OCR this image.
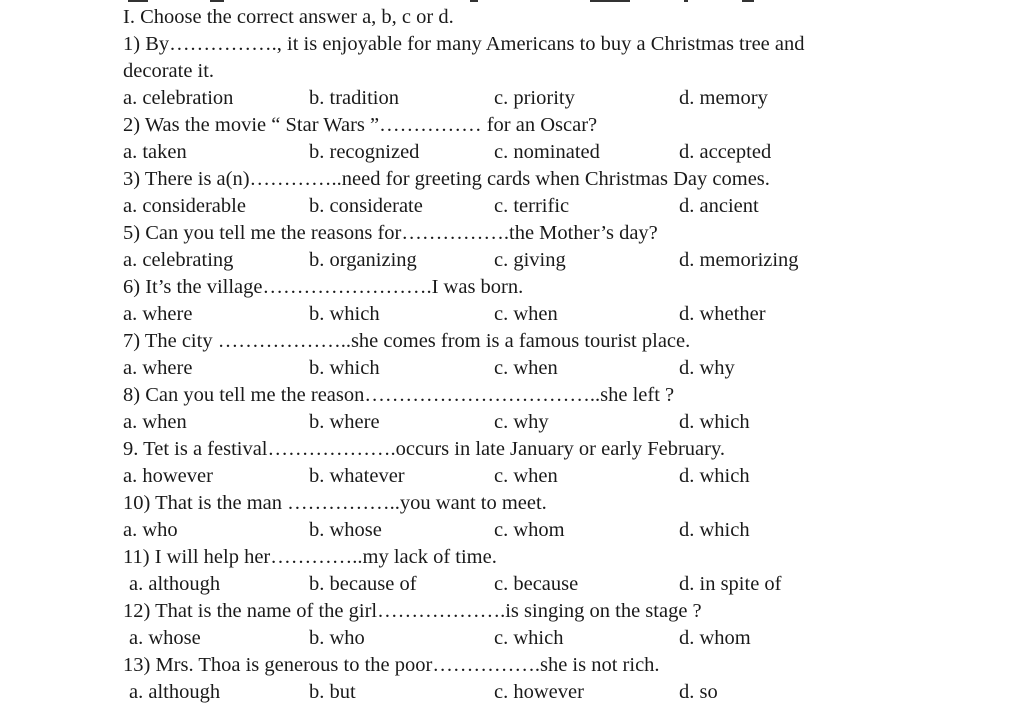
I. Choose the correct answer a, b, c or d.
1) By……………., it is enjoyable for many Americans to buy a Christmas tree and
decorate it.
a. celebration	b. tradition	c. priority	d. memory
2) Was the movie “ Star Wars ”…………… for an Oscar?
a. taken	b. recognized	c. nominated	d. accepted
3) There is a(n)…………..need for greeting cards when Christmas Day comes.
a. considerable	b. considerate	c. terrific	d. ancient
5) Can you tell me the reasons for…………….the Mother’s day?
a. celebrating	b. organizing	c. giving	d. memorizing
6) It’s the village…………………….I was born.
a. where	b. which	c. when	d. whether
7) The city ………………..she comes from is a famous tourist place.
a. where	b. which	c. when	d. why
8) Can you tell me the reason……………………………..she left ?
a. when	b. where	c. why	d. which
9. Tet is a festival……………….occurs in late January or early February.
a. however	b. whatever	c. when	d. which
10) That is the man ……………..you want to meet.
a. who	b. whose	c. whom	d. which
11) I will help her…………..my lack of time.
a. although	b. because of	c. because	d. in spite of
12) That is the name of the girl……………….is singing on the stage ?
a. whose	b. who	c. which	d. whom
13) Mrs. Thoa is generous to the poor…………….she is not rich.
a. although	b. but	c. however	d. so
